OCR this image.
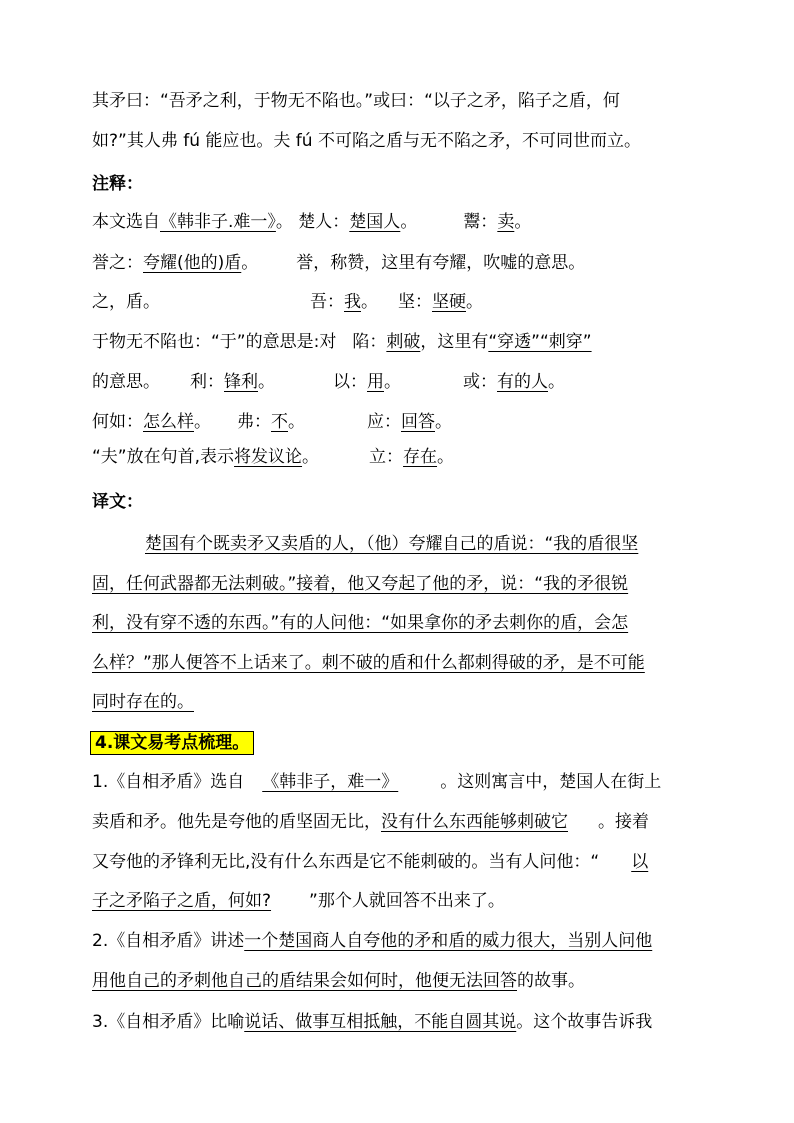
其矛曰：“吾矛之利，于物无不陷也。”或曰：“以子之矛，陷子之盾，何
如?”其人弗 fú 能应也。夫 fú 不可陷之盾与无不陷之矛，不可同世而立。
注释：
本文选自《韩非子.难一》。 楚人：楚国人。	鬻：卖。
誉之：夸耀(他的)盾。 誉，称赞，这里有夸耀，吹嘘的意思。
之，盾。	吾：我。 坚：坚硬。
于物无不陷也：“于”的意思是:对 陷：刺破，这里有“穿透”“刺穿”
的意思。 利：锋利。	以：用。	或：有的人。
何如：怎么样。 弗：不。	应：回答。
“夫”放在句首,表示将发议论。	立：存在。
译文：
楚国有个既卖矛又卖盾的人，（他）夸耀自己的盾说：“我的盾很坚
固，任何武器都无法刺破。”接着，他又夸起了他的矛，说：“我的矛很锐
利，没有穿不透的东西。”有的人问他：“如果拿你的矛去刺你的盾，会怎
么样？”那人便答不上话来了。刺不破的盾和什么都刺得破的矛，是不可能
同时存在的。
4.课文易考点梳理。
1.《自相矛盾》选自 《韩非子，难一》 。这则寓言中，楚国人在街上
卖盾和矛。他先是夸他的盾坚固无比，没有什么东西能够刺破它 。接着
又夸他的矛锋利无比,没有什么东西是它不能刺破的。当有人问他：“ 以
子之矛陷子之盾，何如? ”那个人就回答不出来了。
2.《自相矛盾》讲述一个楚国商人自夸他的矛和盾的威力很大，当别人问他
用他自己的矛刺他自己的盾结果会如何时，他便无法回答的故事。
3.《自相矛盾》比喻说话、做事互相抵触，不能自圆其说。这个故事告诉我
